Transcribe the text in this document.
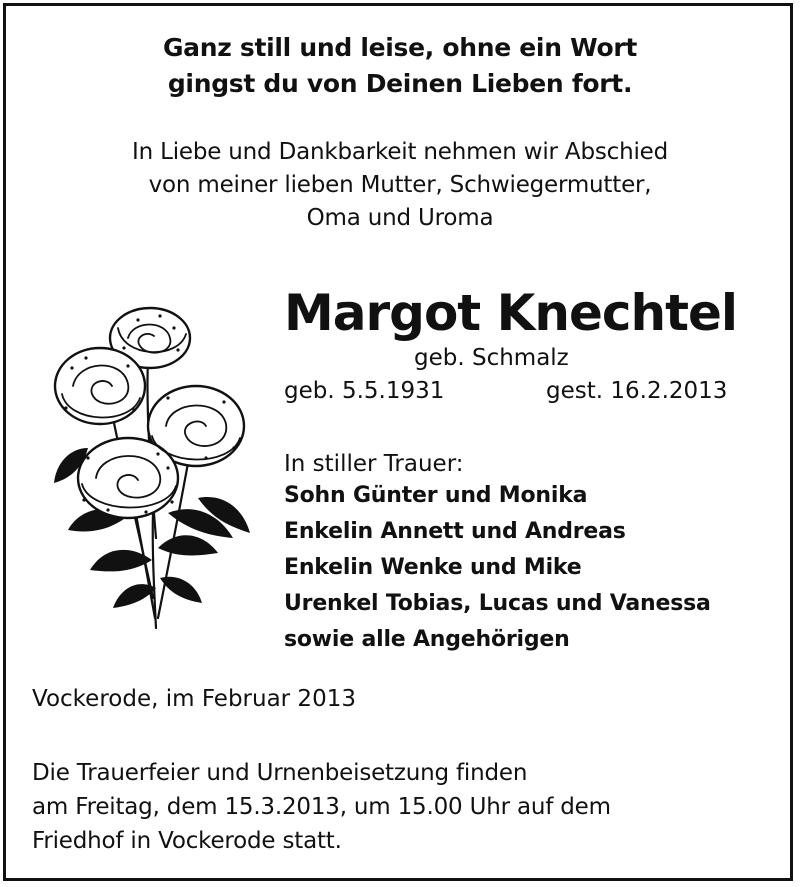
Ganz still und leise, ohne ein Wort
gingst du von Deinen Lieben fort.
In Liebe und Dankbarkeit nehmen wir Abschied
von meiner lieben Mutter, Schwiegermutter,
Oma und Uroma
Margot Knechtel
geb. Schmalz
geb. 5.5.1931	gest. 16.2.2013
In stiller Trauer:
Sohn Günter und Monika
Enkelin Annett und Andreas
Enkelin Wenke und Mike
Urenkel Tobias, Lucas und Vanessa
sowie alle Angehörigen
Vockerode, im Februar 2013
Die Trauerfeier und Urnenbeisetzung finden
am Freitag, dem 15.3.2013, um 15.00 Uhr auf dem
Friedhof in Vockerode statt.
